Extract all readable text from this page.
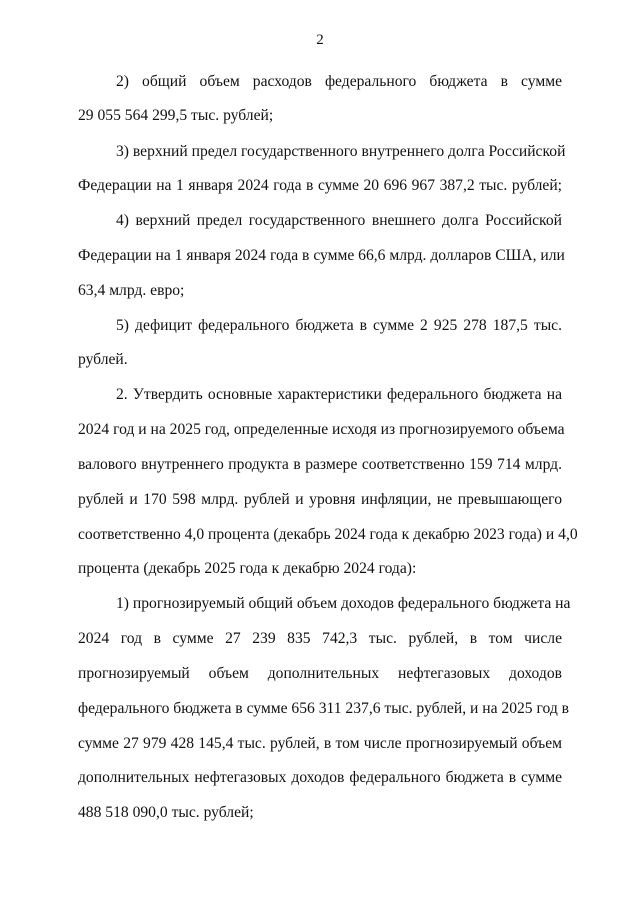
2
2) общий объем расходов федерального бюджета в сумме
29 055 564 299,5 тыс. рублей;
3) верхний предел государственного внутреннего долга Российской
Федерации на 1 января 2024 года в сумме 20 696 967 387,2 тыс. рублей;
4) верхний предел государственного внешнего долга Российской
Федерации на 1 января 2024 года в сумме 66,6 млрд. долларов США, или
63,4 млрд. евро;
5) дефицит федерального бюджета в сумме 2 925 278 187,5 тыс.
рублей.
2. Утвердить основные характеристики федерального бюджета на
2024 год и на 2025 год, определенные исходя из прогнозируемого объема
валового внутреннего продукта в размере соответственно 159 714 млрд.
рублей и 170 598 млрд. рублей и уровня инфляции, не превышающего
соответственно 4,0 процента (декабрь 2024 года к декабрю 2023 года) и 4,0
процента (декабрь 2025 года к декабрю 2024 года):
1) прогнозируемый общий объем доходов федерального бюджета на
2024 год в сумме 27 239 835 742,3 тыс. рублей, в том числе
прогнозируемый объем дополнительных нефтегазовых доходов
федерального бюджета в сумме 656 311 237,6 тыс. рублей, и на 2025 год в
сумме 27 979 428 145,4 тыс. рублей, в том числе прогнозируемый объем
дополнительных нефтегазовых доходов федерального бюджета в сумме
488 518 090,0 тыс. рублей;
